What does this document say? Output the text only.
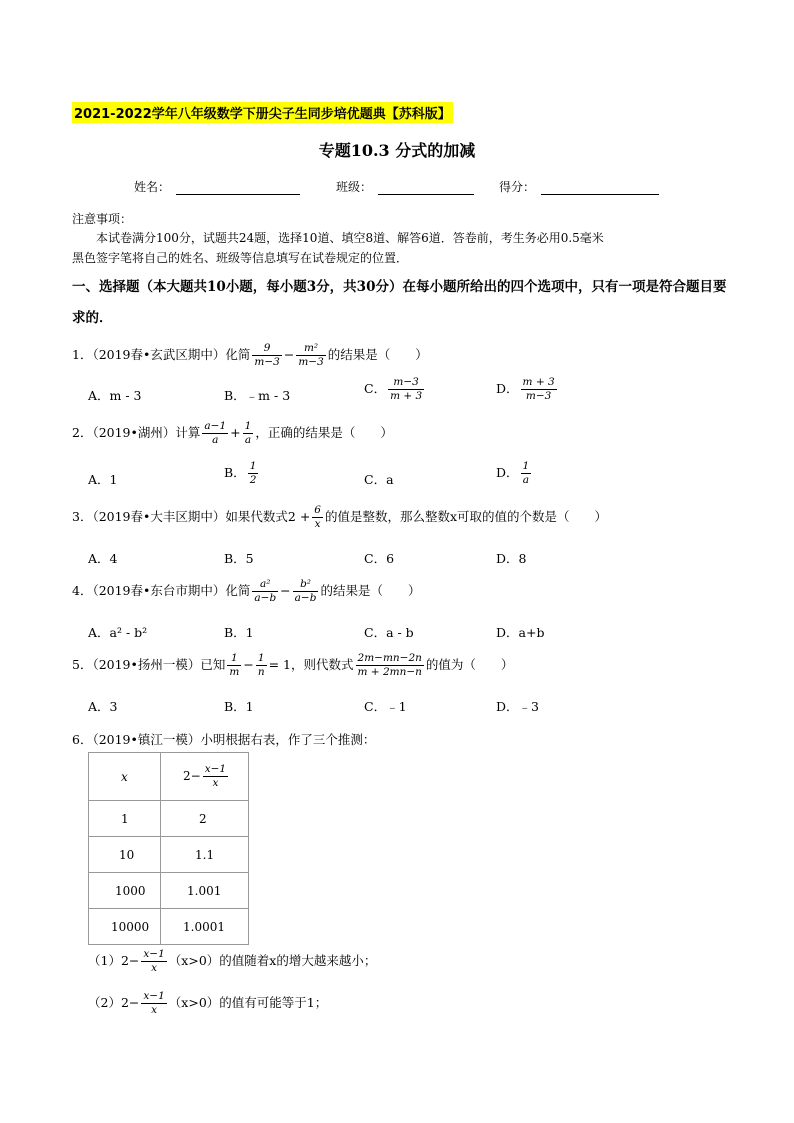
2021-2022学年八年级数学下册尖子生同步培优题典【苏科版】
专题10.3 分式的加减
姓名：	班级：	得分：
注意事项：
本试卷满分100分，试题共24题，选择10道、填空8道、解答6道．答卷前，考生务必用0.5毫米
黑色签字笔将自己的姓名、班级等信息填写在试卷规定的位置．
一、选择题（本大题共10小题，每小题3分，共30分）在每小题所给出的四个选项中，只有一项是符合题目要求的．
1．（2019春•玄武区期中）化简 $\frac{9}{m-3} - \frac{\text{m²}}{m-3}$ 的结果是（　　）
A．m - 3	B．﹣m - 3	C． $\frac{m-3}{m + 3}$	D． $\frac{m + 3}{m-3}$
2．（2019•湖州）计算 $\frac{a-1}{a} + \frac{1}{a}$ ，正确的结果是（　　）
A．1	B． $\frac{1}{2}$	C．a	D． $\frac{1}{a}$
3．（2019春•大丰区期中）如果代数式$2 + \frac{6}{x}$ 的值是整数，那么整数x可取的值的个数是（　　）
A．4	B．5	C．6	D．8
4．（2019春•东台市期中）化简 $\frac{\text{a²}}{a-b} - \frac{\text{b²}}{a-b}$ 的结果是（　　）
A．a² - b²	B．1	C．a - b	D．a+b
5．（2019•扬州一模）已知 $\frac{1}{m} - \frac{1}{n} = 1$，则代数式 $\frac{2m-mn-2n}{m + 2mn-n}$ 的值为（　　）
A．3	B．1	C．﹣1	D．﹣3
6．（2019•镇江一模）小明根据右表，作了三个推测：
x	$2- \frac{x-1}{x}$

1	2
10	1.1
1000	1.001
10000	1.0001
$(1)2- \frac{x-1}{x} (x>0)$的值随着x的增大越来越小；
$(2)2- \frac{x-1}{x} (x>0)$的值有可能等于1；
